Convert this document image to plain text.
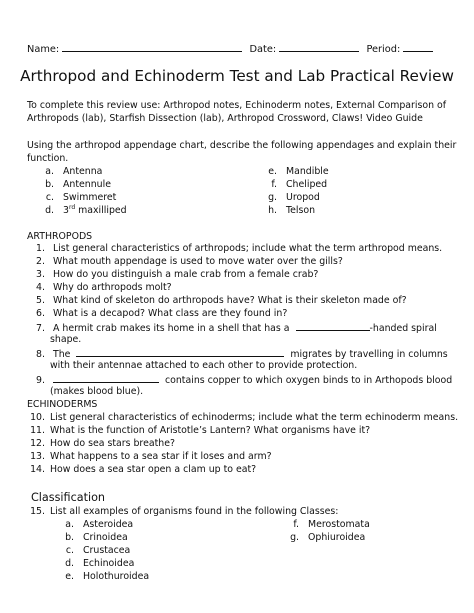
Name:	Date:	Period:
Arthropod and Echinoderm Test and Lab Practical Review
To complete this review use: Arthropod notes, Echinoderm notes, External Comparison of
Arthropods (lab), Starfish Dissection (lab), Arthropod Crossword, Claws! Video Guide
Using the arthropod appendage chart, describe the following appendages and explain their
function.
a. Antenna
b. Antennule
c. Swimmeret
d. 3rd maxilliped
e. Mandible
f. Cheliped
g. Uropod
h. Telson
ARTHROPODS
1. List general characteristics of arthropods; include what the term arthropod means.
2. What mouth appendage is used to move water over the gills?
3. How do you distinguish a male crab from a female crab?
4. Why do arthropods molt?
5. What kind of skeleton do arthropods have? What is their skeleton made of?
6. What is a decapod? What class are they found in?
7. A hermit crab makes its home in a shell that has a	-handed spiral
shape.
8. The	migrates by travelling in columns
with their antennae attached to each other to provide protection.
9.	contains copper to which oxygen binds to in Arthopods blood
(makes blood blue).
ECHINODERMS
10. List general characteristics of echinoderms; include what the term echinoderm means.
11. What is the function of Aristotle’s Lantern? What organisms have it?
12. How do sea stars breathe?
13. What happens to a sea star if it loses and arm?
14. How does a sea star open a clam up to eat?
Classification
15. List all examples of organisms found in the following Classes:
a. Asteroidea
b. Crinoidea
c. Crustacea
d. Echinoidea
e. Holothuroidea
f. Merostomata
g. Ophiuroidea
